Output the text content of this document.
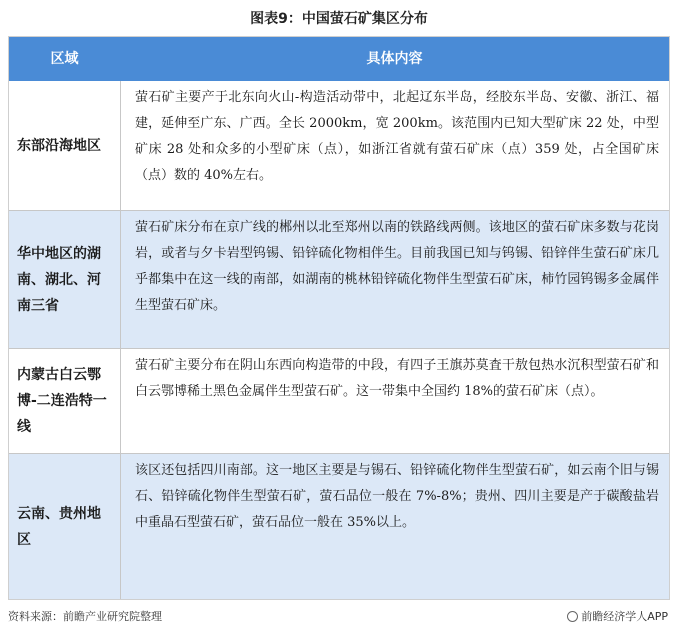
图表9：中国萤石矿集区分布
区域	具体内容
东部沿海地区
萤石矿主要产于北东向火山-构造活动带中，北起辽东半岛，经胶东半岛、安徽、浙江、福建，延伸至广东、广西。全长 2000km，宽 200km。该范围内已知大型矿床 22 处，中型矿床 28 处和众多的小型矿床（点），如浙江省就有萤石矿床（点）359 处，占全国矿床（点）数的 40%左右。
华中地区的湖南、湖北、河南三省
萤石矿床分布在京广线的郴州以北至郑州以南的铁路线两侧。该地区的萤石矿床多数与花岗岩，或者与夕卡岩型钨锡、铅锌硫化物相伴生。目前我国已知与钨锡、铅锌伴生萤石矿床几乎都集中在这一线的南部，如湖南的桃林铅锌硫化物伴生型萤石矿床，柿竹园钨锡多金属伴生型萤石矿床。
内蒙古白云鄂博-二连浩特一线
萤石矿主要分布在阴山东西向构造带的中段，有四子王旗苏莫査干敖包热水沉积型萤石矿和白云鄂博稀土黑色金属伴生型萤石矿。这一带集中全国约 18%的萤石矿床（点）。
云南、贵州地区
该区还包括四川南部。这一地区主要是与锡石、铅锌硫化物伴生型萤石矿，如云南个旧与锡石、铅锌硫化物伴生型萤石矿，萤石品位一般在 7%-8%；贵州、四川主要是产于碳酸盐岩中重晶石型萤石矿，萤石品位一般在 35%以上。
资料来源：前瞻产业研究院整理	前瞻经济学人APP
